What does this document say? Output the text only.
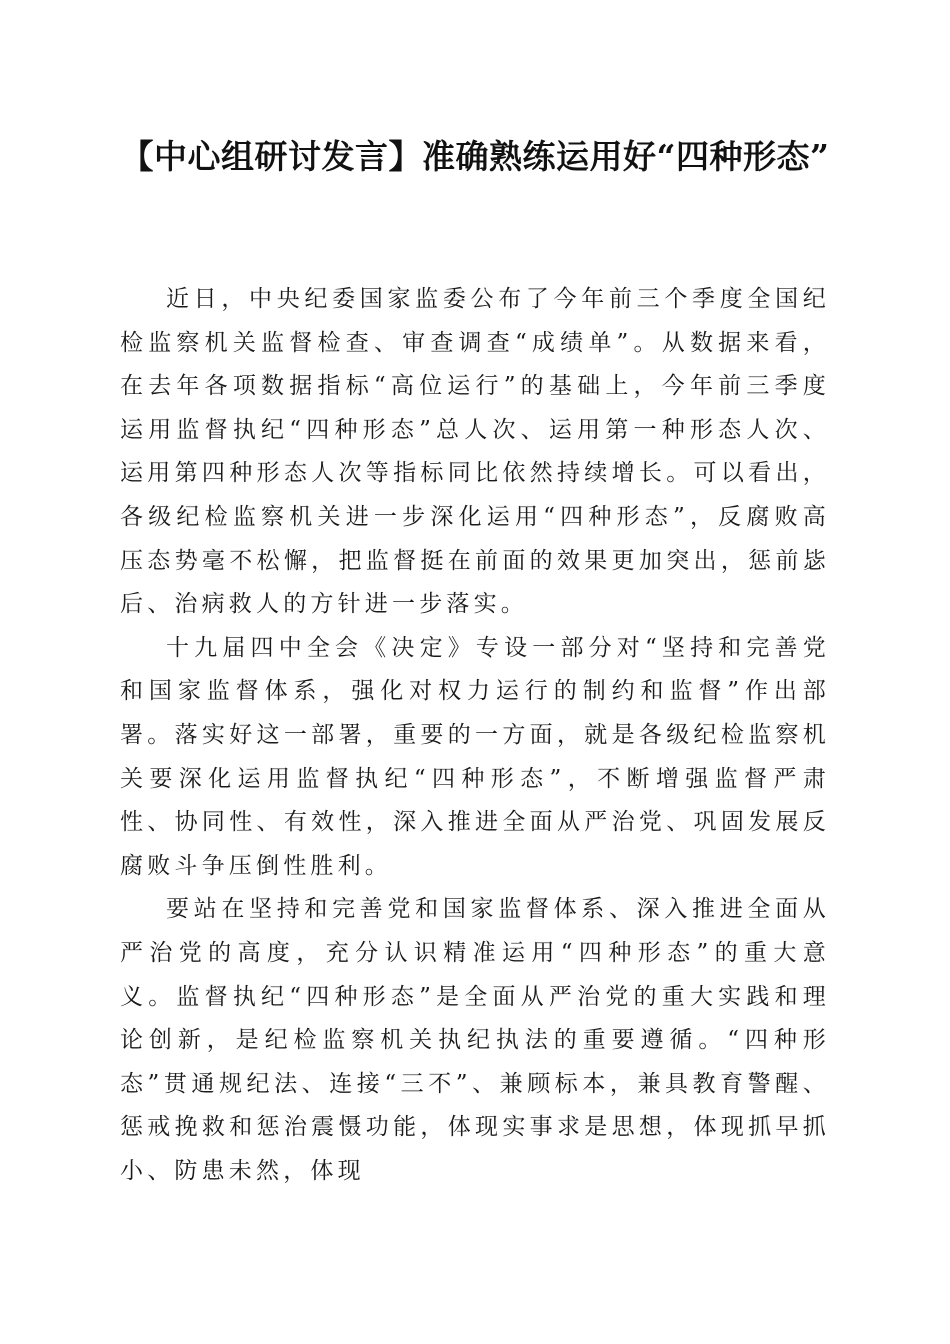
【中心组研讨发言】准确熟练运用好“四种形态”

近日，中央纪委国家监委公布了今年前三个季度全国纪检监察机关监督检查、审查调查“成绩单”。从数据来看，在去年各项数据指标“高位运行”的基础上，今年前三季度运用监督执纪“四种形态”总人次、运用第一种形态人次、运用第四种形态人次等指标同比依然持续增长。可以看出，各级纪检监察机关进一步深化运用“四种形态”，反腐败高压态势毫不松懈，把监督挺在前面的效果更加突出，惩前毖后、治病救人的方针进一步落实。

十九届四中全会《决定》专设一部分对“坚持和完善党和国家监督体系，强化对权力运行的制约和监督”作出部署。落实好这一部署，重要的一方面，就是各级纪检监察机关要深化运用监督执纪“四种形态”，不断增强监督严肃性、协同性、有效性，深入推进全面从严治党、巩固发展反腐败斗争压倒性胜利。

要站在坚持和完善党和国家监督体系、深入推进全面从严治党的高度，充分认识精准运用“四种形态”的重大意义。监督执纪“四种形态”是全面从严治党的重大实践和理论创新，是纪检监察机关执纪执法的重要遵循。“四种形态”贯通规纪法、连接“三不”、兼顾标本，兼具教育警醒、惩戒挽救和惩治震慑功能，体现实事求是思想，体现抓早抓小、防患未然，体现
